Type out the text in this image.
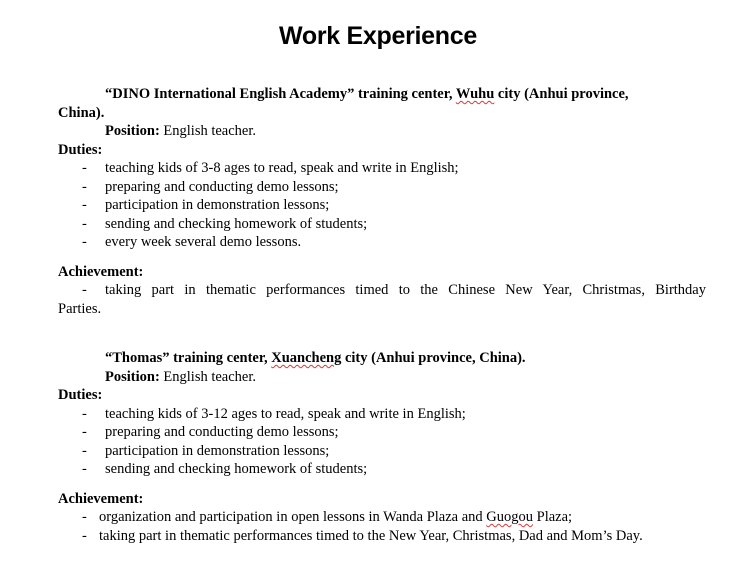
Work Experience
“DINO International English Academy” training center, Wuhu city (Anhui province,
China).
Position: English teacher.
Duties:
- teaching kids of 3-8 ages to read, speak and write in English;
- preparing and conducting demo lessons;
- participation in demonstration lessons;
- sending and checking homework of students;
- every week several demo lessons.
Achievement:
- taking part in thematic performances timed to the Chinese New Year, Christmas, Birthday
Parties.
“Thomas” training center, Xuancheng city (Anhui province, China).
Position: English teacher.
Duties:
- teaching kids of 3-12 ages to read, speak and write in English;
- preparing and conducting demo lessons;
- participation in demonstration lessons;
- sending and checking homework of students;
Achievement:
- organization and participation in open lessons in Wanda Plaza and Guogou Plaza;
- taking part in thematic performances timed to the New Year, Christmas, Dad and Mom’s Day.
